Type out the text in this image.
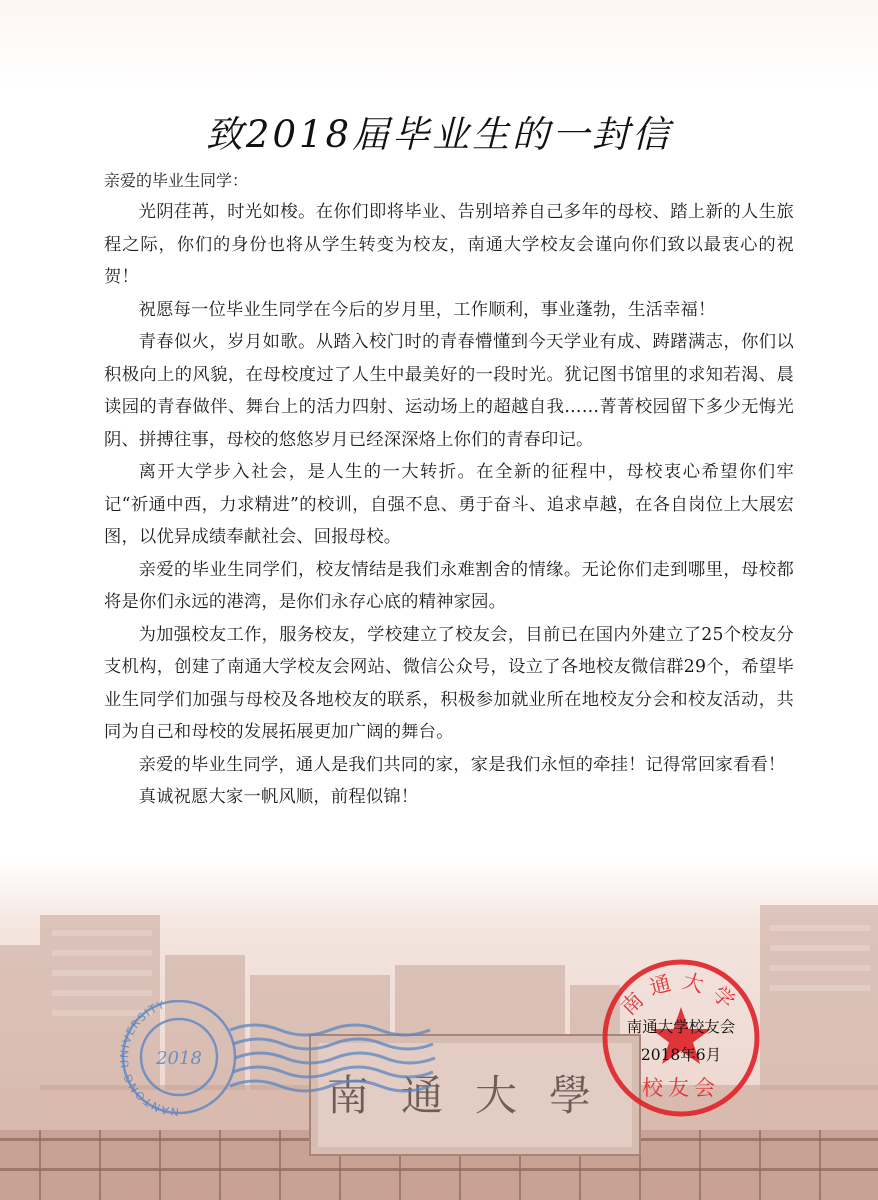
南通大學
致2018届毕业生的一封信

亲爱的毕业生同学：

光阴荏苒，时光如梭。在你们即将毕业、告别培养自己多年的母校、踏上新的人生旅程之际，你们的身份也将从学生转变为校友，南通大学校友会谨向你们致以最衷心的祝贺！

祝愿每一位毕业生同学在今后的岁月里，工作顺利，事业蓬勃，生活幸福！

青春似火，岁月如歌。从踏入校门时的青春懵懂到今天学业有成、踌躇满志，你们以积极向上的风貌，在母校度过了人生中最美好的一段时光。犹记图书馆里的求知若渴、晨读园的青春做伴、舞台上的活力四射、运动场上的超越自我……菁菁校园留下多少无悔光阴、拼搏往事，母校的悠悠岁月已经深深烙上你们的青春印记。

离开大学步入社会，是人生的一大转折。在全新的征程中，母校衷心希望你们牢记“祈通中西，力求精进”的校训，自强不息、勇于奋斗、追求卓越，在各自岗位上大展宏图，以优异成绩奉献社会、回报母校。

亲爱的毕业生同学们，校友情结是我们永难割舍的情缘。无论你们走到哪里，母校都将是你们永远的港湾，是你们永存心底的精神家园。

为加强校友工作，服务校友，学校建立了校友会，目前已在国内外建立了25个校友分支机构，创建了南通大学校友会网站、微信公众号，设立了各地校友微信群29个，希望毕业生同学们加强与母校及各地校友的联系，积极参加就业所在地校友分会和校友活动，共同为自己和母校的发展拓展更加广阔的舞台。

亲爱的毕业生同学，通人是我们共同的家，家是我们永恒的牵挂！记得常回家看看！

真诚祝愿大家一帆风顺，前程似锦！

NANTONG UNIVERSITY
2018
南通大学
校友会
南通大学校友会
2018年6月
